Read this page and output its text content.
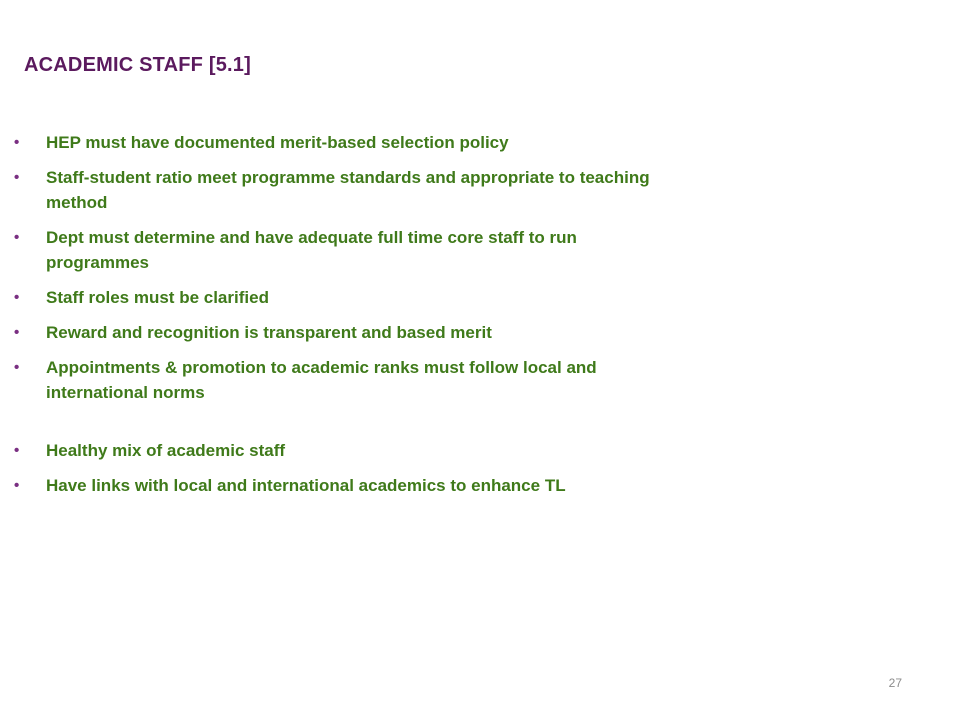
ACADEMIC STAFF [5.1]
• HEP must have documented merit-based selection policy
• Staff-student ratio meet programme standards and appropriate to teaching method
• Dept must determine and have adequate full time core staff to run programmes
• Staff roles must be clarified
• Reward and recognition is transparent and based merit
• Appointments & promotion to academic ranks must follow local and international norms
• Healthy mix of academic staff
• Have links with local and international academics to enhance TL
27
